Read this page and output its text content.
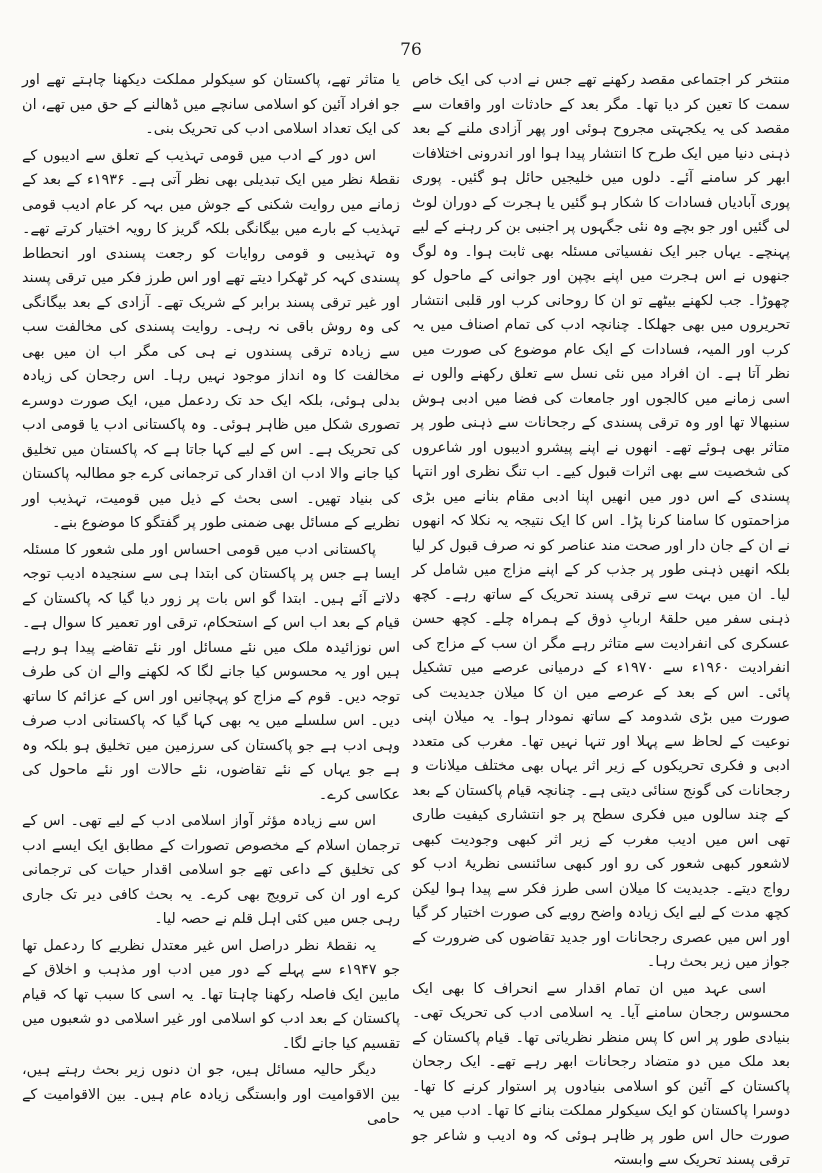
76

منتخر کر اجتماعی مقصد رکھنے تھے جس نے ادب کی ایک خاص سمت کا تعین کر دیا تھا۔ مگر بعد کے حادثات اور واقعات سے مقصد کی یہ یکجہتی مجروح ہوئی اور پھر آزادی ملنے کے بعد ذہنی دنیا میں ایک طرح کا انتشار پیدا ہوا اور اندرونی اختلافات ابھر کر سامنے آئے۔ دلوں میں خلیجیں حائل ہو گئیں۔ پوری پوری آبادیاں فسادات کا شکار ہو گئیں یا ہجرت کے دوران لوٹ لی گئیں اور جو بچے وہ نئی جگہوں پر اجنبی بن کر رہنے کے لیے پہنچے۔ یہاں جبر ایک نفسیاتی مسئلہ بھی ثابت ہوا۔ وہ لوگ جنھوں نے اس ہجرت میں اپنے بچپن اور جوانی کے ماحول کو چھوڑا۔ جب لکھنے بیٹھے تو ان کا روحانی کرب اور قلبی انتشار تحریروں میں بھی جھلکا۔ چنانچہ ادب کی تمام اصناف میں یہ کرب اور المیہ، فسادات کے ایک عام موضوع کی صورت میں نظر آتا ہے۔ ان افراد میں نئی نسل سے تعلق رکھنے والوں نے اسی زمانے میں کالجوں اور جامعات کی فضا میں ادبی ہوش سنبھالا تھا اور وہ ترقی پسندی کے رجحانات سے ذہنی طور پر متاثر بھی ہوئے تھے۔ انھوں نے اپنے پیشرو ادیبوں اور شاعروں کی شخصیت سے بھی اثرات قبول کیے۔ اب تنگ نظری اور انتہا پسندی کے اس دور میں انھیں اپنا ادبی مقام بنانے میں بڑی مزاحمتوں کا سامنا کرنا پڑا۔ اس کا ایک نتیجہ یہ نکلا کہ انھوں نے ان کے جان دار اور صحت مند عناصر کو نہ صرف قبول کر لیا بلکہ انھیں ذہنی طور پر جذب کر کے اپنے مزاج میں شامل کر لیا۔ ان میں بہت سے ترقی پسند تحریک کے ساتھ رہے۔ کچھ ذہنی سفر میں حلقۂ اربابِ ذوق کے ہمراہ چلے۔ کچھ حسن عسکری کی انفرادیت سے متاثر رہے مگر ان سب کے مزاج کی انفرادیت ۱۹۶۰ء سے ۱۹۷۰ء کے درمیانی عرصے میں تشکیل پائی۔ اس کے بعد کے عرصے میں ان کا میلان جدیدیت کی صورت میں بڑی شدومد کے ساتھ نمودار ہوا۔ یہ میلان اپنی نوعیت کے لحاظ سے پہلا اور تنہا نہیں تھا۔ مغرب کی متعدد ادبی و فکری تحریکوں کے زیر اثر یہاں بھی مختلف میلانات و رجحانات کی گونج سنائی دیتی ہے۔ چنانچہ قیام پاکستان کے بعد کے چند سالوں میں فکری سطح پر جو انتشاری کیفیت طاری تھی اس میں ادیب مغرب کے زیر اثر کبھی وجودیت کبھی لاشعور کبھی شعور کی رو اور کبھی سائنسی نظریۂ ادب کو رواج دیتے۔ جدیدیت کا میلان اسی طرز فکر سے پیدا ہوا لیکن کچھ مدت کے لیے ایک زیادہ واضح رویے کی صورت اختیار کر گیا اور اس میں عصری رجحانات اور جدید تقاضوں کی ضرورت کے جواز میں زیر بحث رہا۔

اسی عہد میں ان تمام اقدار سے انحراف کا بھی ایک محسوس رجحان سامنے آیا۔ یہ اسلامی ادب کی تحریک تھی۔ بنیادی طور پر اس کا پس منظر نظریاتی تھا۔ قیام پاکستان کے بعد ملک میں دو متضاد رجحانات ابھر رہے تھے۔ ایک رجحان پاکستان کے آئین کو اسلامی بنیادوں پر استوار کرنے کا تھا۔ دوسرا پاکستان کو ایک سیکولر مملکت بنانے کا تھا۔ ادب میں یہ صورت حال اس طور پر ظاہر ہوئی کہ وہ ادیب و شاعر جو ترقی پسند تحریک سے وابستہ

یا متاثر تھے، پاکستان کو سیکولر مملکت دیکھنا چاہتے تھے اور جو افراد آئین کو اسلامی سانچے میں ڈھالنے کے حق میں تھے، ان کی ایک تعداد اسلامی ادب کی تحریک بنی۔

اس دور کے ادب میں قومی تہذیب کے تعلق سے ادیبوں کے نقطۂ نظر میں ایک تبدیلی بھی نظر آتی ہے۔ ۱۹۳۶ء کے بعد کے زمانے میں روایت شکنی کے جوش میں بہہ کر عام ادیب قومی تہذیب کے بارے میں بیگانگی بلکہ گریز کا رویہ اختیار کرتے تھے۔ وہ تہذیبی و قومی روایات کو رجعت پسندی اور انحطاط پسندی کہہ کر ٹھکرا دیتے تھے اور اس طرز فکر میں ترقی پسند اور غیر ترقی پسند برابر کے شریک تھے۔ آزادی کے بعد بیگانگی کی وہ روش باقی نہ رہی۔ روایت پسندی کی مخالفت سب سے زیادہ ترقی پسندوں نے ہی کی مگر اب ان میں بھی مخالفت کا وہ انداز موجود نہیں رہا۔ اس رجحان کی زیادہ بدلی ہوئی، بلکہ ایک حد تک ردعمل میں، ایک صورت دوسرے تصوری شکل میں ظاہر ہوئی۔ وہ پاکستانی ادب یا قومی ادب کی تحریک ہے۔ اس کے لیے کہا جاتا ہے کہ پاکستان میں تخلیق کیا جانے والا ادب ان اقدار کی ترجمانی کرے جو مطالبہ پاکستان کی بنیاد تھیں۔ اسی بحث کے ذیل میں قومیت، تہذیب اور نظریے کے مسائل بھی ضمنی طور پر گفتگو کا موضوع بنے۔

پاکستانی ادب میں قومی احساس اور ملی شعور کا مسئلہ ایسا ہے جس پر پاکستان کی ابتدا ہی سے سنجیدہ ادیب توجہ دلاتے آئے ہیں۔ ابتدا گو اس بات پر زور دیا گیا کہ پاکستان کے قیام کے بعد اب اس کے استحکام، ترقی اور تعمیر کا سوال ہے۔ اس نوزائیدہ ملک میں نئے مسائل اور نئے تقاضے پیدا ہو رہے ہیں اور یہ محسوس کیا جانے لگا کہ لکھنے والے ان کی طرف توجہ دیں۔ قوم کے مزاج کو پہچانیں اور اس کے عزائم کا ساتھ دیں۔ اس سلسلے میں یہ بھی کہا گیا کہ پاکستانی ادب صرف وہی ادب ہے جو پاکستان کی سرزمین میں تخلیق ہو بلکہ وہ ہے جو یہاں کے نئے تقاضوں، نئے حالات اور نئے ماحول کی عکاسی کرے۔

اس سے زیادہ مؤثر آواز اسلامی ادب کے لیے تھی۔ اس کے ترجمان اسلام کے مخصوص تصورات کے مطابق ایک ایسے ادب کی تخلیق کے داعی تھے جو اسلامی اقدار حیات کی ترجمانی کرے اور ان کی ترویج بھی کرے۔ یہ بحث کافی دیر تک جاری رہی جس میں کئی اہل قلم نے حصہ لیا۔

یہ نقطۂ نظر دراصل اس غیر معتدل نظریے کا ردعمل تھا جو ۱۹۴۷ء سے پہلے کے دور میں ادب اور مذہب و اخلاق کے مابین ایک فاصلہ رکھنا چاہتا تھا۔ یہ اسی کا سبب تھا کہ قیام پاکستان کے بعد ادب کو اسلامی اور غیر اسلامی دو شعبوں میں تقسیم کیا جانے لگا۔

دیگر حالیہ مسائل ہیں، جو ان دنوں زیر بحث رہتے ہیں، بین الاقوامیت اور وابستگی زیادہ عام ہیں۔ بین الاقوامیت کے حامی
